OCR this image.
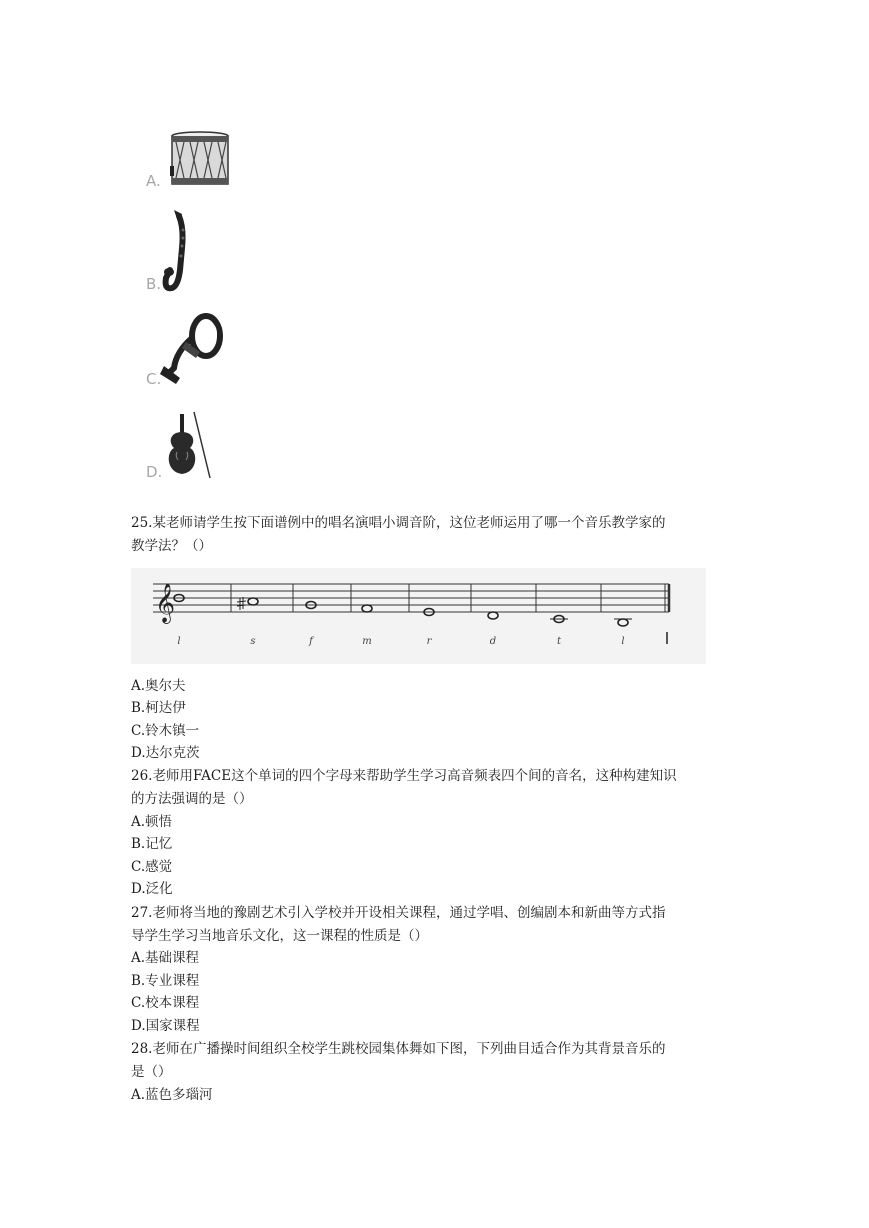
A.
B.
C.
D.
25.某老师请学生按下面谱例中的唱名演唱小调音阶，这位老师运用了哪一个音乐教学家的
教学法？（）
𝄞
l	s	f	m	r	d	t	l
A.奥尔夫
B.柯达伊
C.铃木镇一
D.达尔克茨
26.老师用FACE这个单词的四个字母来帮助学生学习高音频表四个间的音名，这种构建知识
的方法强调的是（）
A.顿悟
B.记忆
C.感觉
D.泛化
27.老师将当地的豫剧艺术引入学校并开设相关课程，通过学唱、创编剧本和新曲等方式指
导学生学习当地音乐文化，这一课程的性质是（）
A.基础课程
B.专业课程
C.校本课程
D.国家课程
28.老师在广播操时间组织全校学生跳校园集体舞如下图，下列曲目适合作为其背景音乐的
是（）
A.蓝色多瑙河
